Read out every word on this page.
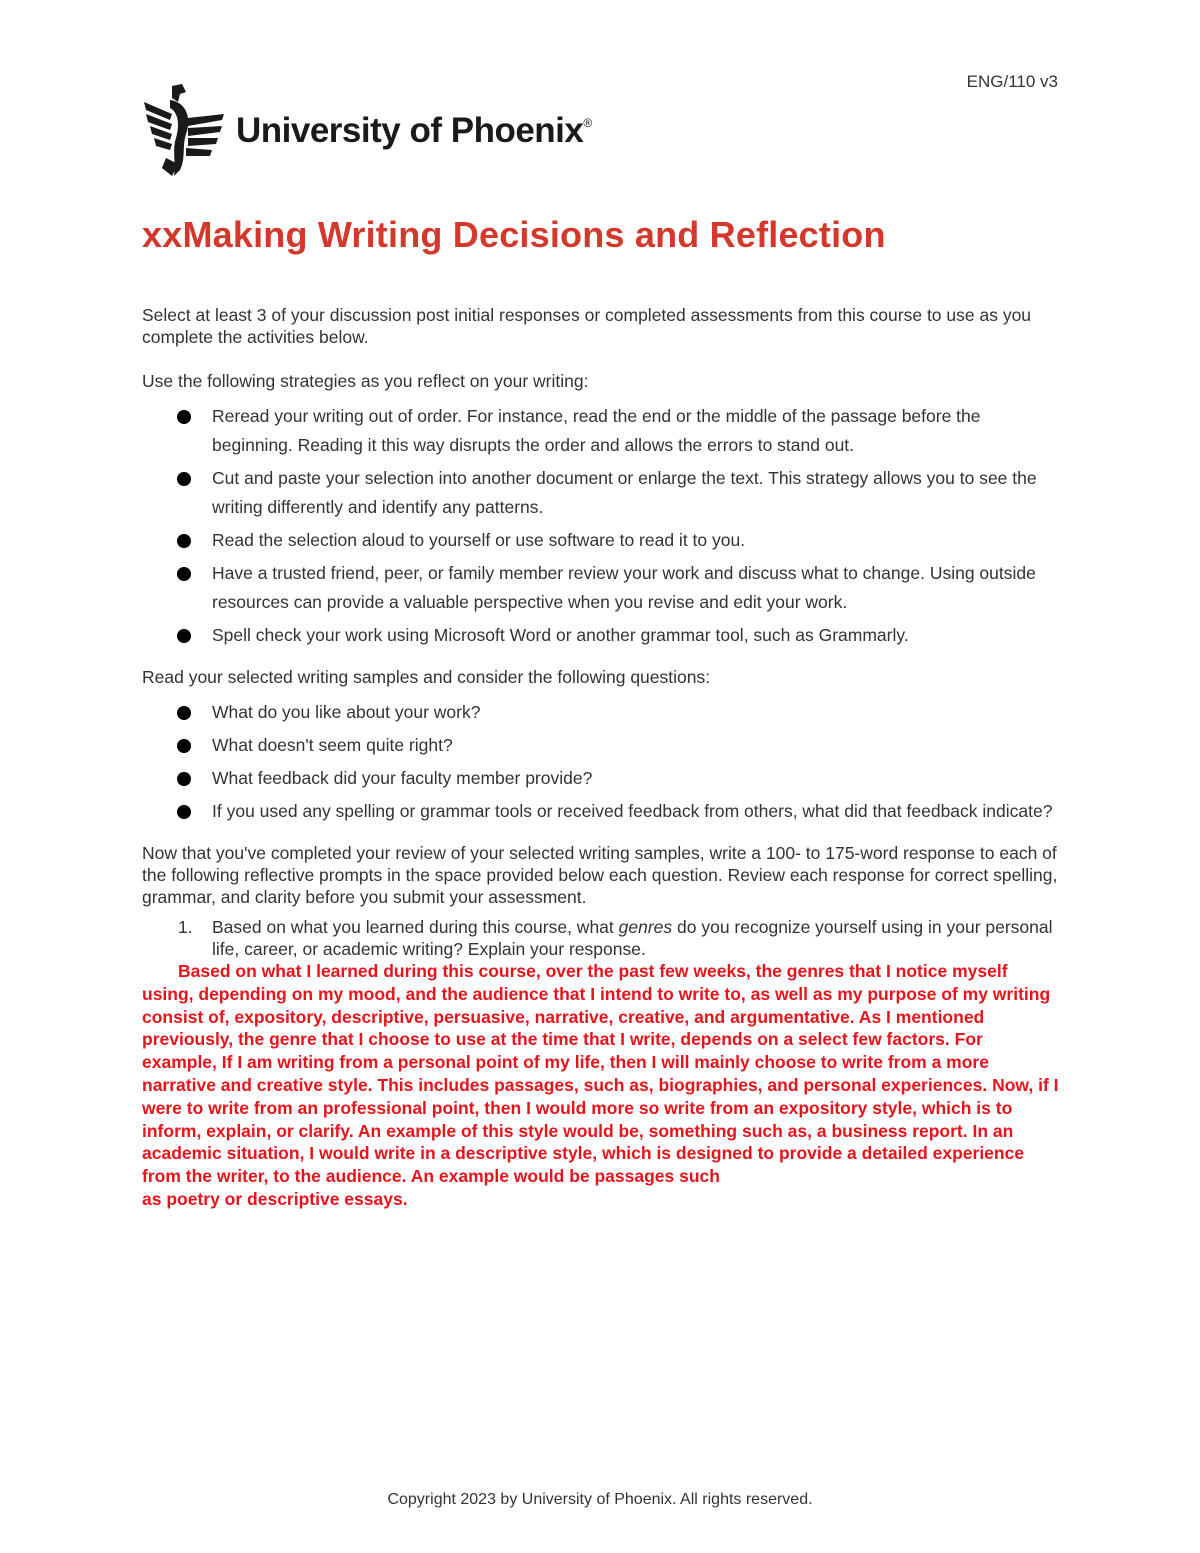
ENG/110 v3
University of Phoenix®
xxMaking Writing Decisions and Reflection

Select at least 3 of your discussion post initial responses or completed assessments from this course to use as you complete the activities below.

Use the following strategies as you reflect on your writing:

Reread your writing out of order. For instance, read the end or the middle of the passage before the beginning. Reading it this way disrupts the order and allows the errors to stand out.
Cut and paste your selection into another document or enlarge the text. This strategy allows you to see the writing differently and identify any patterns.
Read the selection aloud to yourself or use software to read it to you.
Have a trusted friend, peer, or family member review your work and discuss what to change. Using outside resources can provide a valuable perspective when you revise and edit your work.
Spell check your work using Microsoft Word or another grammar tool, such as Grammarly.

Read your selected writing samples and consider the following questions:

What do you like about your work?
What doesn't seem quite right?
What feedback did your faculty member provide?
If you used any spelling or grammar tools or received feedback from others, what did that feedback indicate?

Now that you've completed your review of your selected writing samples, write a 100- to 175-word response to each of the following reflective prompts in the space provided below each question. Review each response for correct spelling, grammar, and clarity before you submit your assessment.

1. Based on what you learned during this course, what genres do you recognize yourself using in your personal life, career, or academic writing? Explain your response.

Based on what I learned during this course, over the past few weeks, the genres that I notice myself using, depending on my mood, and the audience that I intend to write to, as well as my purpose of my writing consist of, expository, descriptive, persuasive, narrative, creative, and argumentative. As I mentioned previously, the genre that I choose to use at the time that I write, depends on a select few factors. For example, If I am writing from a personal point of my life, then I will mainly choose to write from a more narrative and creative style. This includes passages, such as, biographies, and personal experiences. Now, if I were to write from an professional point, then I would more so write from an expository style, which is to inform, explain, or clarify. An example of this style would be, something such as, a business report. In an academic situation, I would write in a descriptive style, which is designed to provide a detailed experience from the writer, to the audience. An example would be passages such
as poetry or descriptive essays.

Copyright 2023 by University of Phoenix. All rights reserved.
